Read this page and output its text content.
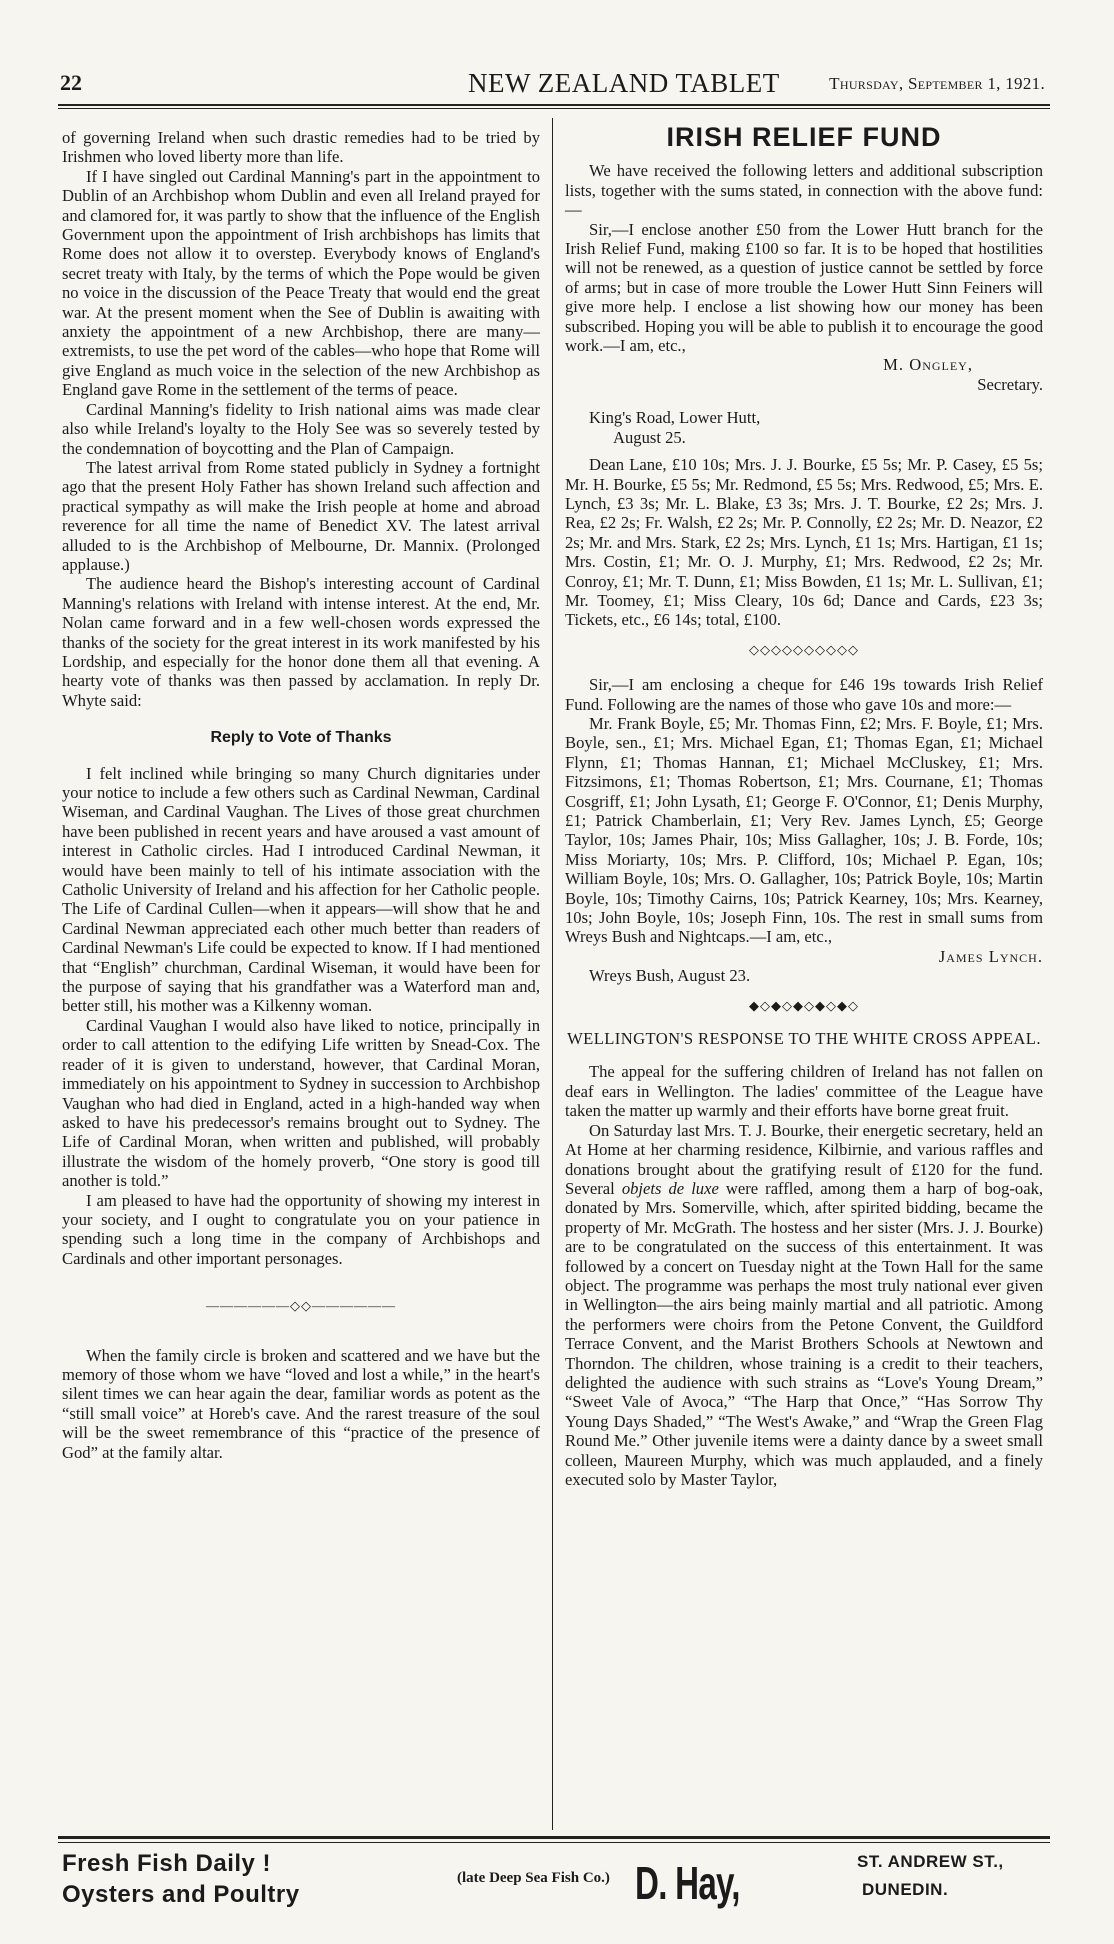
22	NEW ZEALAND TABLET	Thursday, September 1, 1921.

of governing Ireland when such drastic remedies had to be tried by Irishmen who loved liberty more than life.

If I have singled out Cardinal Manning's part in the appointment to Dublin of an Archbishop whom Dublin and even all Ireland prayed for and clamored for, it was partly to show that the influence of the English Government upon the appointment of Irish archbishops has limits that Rome does not allow it to overstep. Everybody knows of England's secret treaty with Italy, by the terms of which the Pope would be given no voice in the discussion of the Peace Treaty that would end the great war. At the present moment when the See of Dublin is awaiting with anxiety the appointment of a new Archbishop, there are many—extremists, to use the pet word of the cables—who hope that Rome will give England as much voice in the selection of the new Archbishop as England gave Rome in the settlement of the terms of peace.

Cardinal Manning's fidelity to Irish national aims was made clear also while Ireland's loyalty to the Holy See was so severely tested by the condemnation of boycotting and the Plan of Campaign.

The latest arrival from Rome stated publicly in Sydney a fortnight ago that the present Holy Father has shown Ireland such affection and practical sympathy as will make the Irish people at home and abroad reverence for all time the name of Benedict XV. The latest arrival alluded to is the Archbishop of Melbourne, Dr. Mannix. (Prolonged applause.)

The audience heard the Bishop's interesting account of Cardinal Manning's relations with Ireland with intense interest. At the end, Mr. Nolan came forward and in a few well-chosen words expressed the thanks of the society for the great interest in its work manifested by his Lordship, and especially for the honor done them all that evening. A hearty vote of thanks was then passed by acclamation. In reply Dr. Whyte said:

Reply to Vote of Thanks

I felt inclined while bringing so many Church dignitaries under your notice to include a few others such as Cardinal Newman, Cardinal Wiseman, and Cardinal Vaughan. The Lives of those great churchmen have been published in recent years and have aroused a vast amount of interest in Catholic circles. Had I introduced Cardinal Newman, it would have been mainly to tell of his intimate association with the Catholic University of Ireland and his affection for her Catholic people. The Life of Cardinal Cullen—when it appears—will show that he and Cardinal Newman appreciated each other much better than readers of Cardinal Newman's Life could be expected to know. If I had mentioned that “English” churchman, Cardinal Wiseman, it would have been for the purpose of saying that his grandfather was a Waterford man and, better still, his mother was a Kilkenny woman.

Cardinal Vaughan I would also have liked to notice, principally in order to call attention to the edifying Life written by Snead-Cox. The reader of it is given to understand, however, that Cardinal Moran, immediately on his appointment to Sydney in succession to Archbishop Vaughan who had died in England, acted in a high-handed way when asked to have his predecessor's remains brought out to Sydney. The Life of Cardinal Moran, when written and published, will probably illustrate the wisdom of the homely proverb, “One story is good till another is told.”

I am pleased to have had the opportunity of showing my interest in your society, and I ought to congratulate you on your patience in spending such a long time in the company of Archbishops and Cardinals and other important personages.

——————◇◇——————

When the family circle is broken and scattered and we have but the memory of those whom we have “loved and lost a while,” in the heart's silent times we can hear again the dear, familiar words as potent as the “still small voice” at Horeb's cave. And the rarest treasure of the soul will be the sweet remembrance of this “practice of the presence of God” at the family altar.

IRISH RELIEF FUND

We have received the following letters and additional subscription lists, together with the sums stated, in connection with the above fund:—

Sir,—I enclose another £50 from the Lower Hutt branch for the Irish Relief Fund, making £100 so far. It is to be hoped that hostilities will not be renewed, as a question of justice cannot be settled by force of arms; but in case of more trouble the Lower Hutt Sinn Feiners will give more help. I enclose a list showing how our money has been subscribed. Hoping you will be able to publish it to encourage the good work.—I am, etc.,

M. Ongley,

Secretary.

King's Road, Lower Hutt,

August 25.

Dean Lane, £10 10s; Mrs. J. J. Bourke, £5 5s; Mr. P. Casey, £5 5s; Mr. H. Bourke, £5 5s; Mr. Redmond, £5 5s; Mrs. Redwood, £5; Mrs. E. Lynch, £3 3s; Mr. L. Blake, £3 3s; Mrs. J. T. Bourke, £2 2s; Mrs. J. Rea, £2 2s; Fr. Walsh, £2 2s; Mr. P. Connolly, £2 2s; Mr. D. Neazor, £2 2s; Mr. and Mrs. Stark, £2 2s; Mrs. Lynch, £1 1s; Mrs. Hartigan, £1 1s; Mrs. Costin, £1; Mr. O. J. Murphy, £1; Mrs. Redwood, £2 2s; Mr. Conroy, £1; Mr. T. Dunn, £1; Miss Bowden, £1 1s; Mr. L. Sullivan, £1; Mr. Toomey, £1; Miss Cleary, 10s 6d; Dance and Cards, £23 3s; Tickets, etc., £6 14s; total, £100.

◇◇◇◇◇◇◇◇◇◇

Sir,—I am enclosing a cheque for £46 19s towards Irish Relief Fund. Following are the names of those who gave 10s and more:—

Mr. Frank Boyle, £5; Mr. Thomas Finn, £2; Mrs. F. Boyle, £1; Mrs. Boyle, sen., £1; Mrs. Michael Egan, £1; Thomas Egan, £1; Michael Flynn, £1; Thomas Hannan, £1; Michael McCluskey, £1; Mrs. Fitzsimons, £1; Thomas Robertson, £1; Mrs. Cournane, £1; Thomas Cosgriff, £1; John Lysath, £1; George F. O'Connor, £1; Denis Murphy, £1; Patrick Chamberlain, £1; Very Rev. James Lynch, £5; George Taylor, 10s; James Phair, 10s; Miss Gallagher, 10s; J. B. Forde, 10s; Miss Moriarty, 10s; Mrs. P. Clifford, 10s; Michael P. Egan, 10s; William Boyle, 10s; Mrs. O. Gallagher, 10s; Patrick Boyle, 10s; Martin Boyle, 10s; Timothy Cairns, 10s; Patrick Kearney, 10s; Mrs. Kearney, 10s; John Boyle, 10s; Joseph Finn, 10s. The rest in small sums from Wreys Bush and Nightcaps.—I am, etc.,

James Lynch.

Wreys Bush, August 23.

◆◇◆◇◆◇◆◇◆◇
WELLINGTON'S RESPONSE TO THE WHITE CROSS APPEAL.

The appeal for the suffering children of Ireland has not fallen on deaf ears in Wellington. The ladies' committee of the League have taken the matter up warmly and their efforts have borne great fruit.

On Saturday last Mrs. T. J. Bourke, their energetic secretary, held an At Home at her charming residence, Kilbirnie, and various raffles and donations brought about the gratifying result of £120 for the fund. Several objets de luxe were raffled, among them a harp of bog-oak, donated by Mrs. Somerville, which, after spirited bidding, became the property of Mr. McGrath. The hostess and her sister (Mrs. J. J. Bourke) are to be congratulated on the success of this entertainment. It was followed by a concert on Tuesday night at the Town Hall for the same object. The programme was perhaps the most truly national ever given in Wellington—the airs being mainly martial and all patriotic. Among the performers were choirs from the Petone Convent, the Guildford Terrace Convent, and the Marist Brothers Schools at Newtown and Thorndon. The children, whose training is a credit to their teachers, delighted the audience with such strains as “Love's Young Dream,” “Sweet Vale of Avoca,” “The Harp that Once,” “Has Sorrow Thy Young Days Shaded,” “The West's Awake,” and “Wrap the Green Flag Round Me.” Other juvenile items were a dainty dance by a sweet small colleen, Maureen Murphy, which was much applauded, and a finely executed solo by Master Taylor,

Fresh Fish Daily !
Oysters and Poultry
(late Deep Sea Fish Co.) D. Hay,	ST. ANDREW ST.,
DUNEDIN.
